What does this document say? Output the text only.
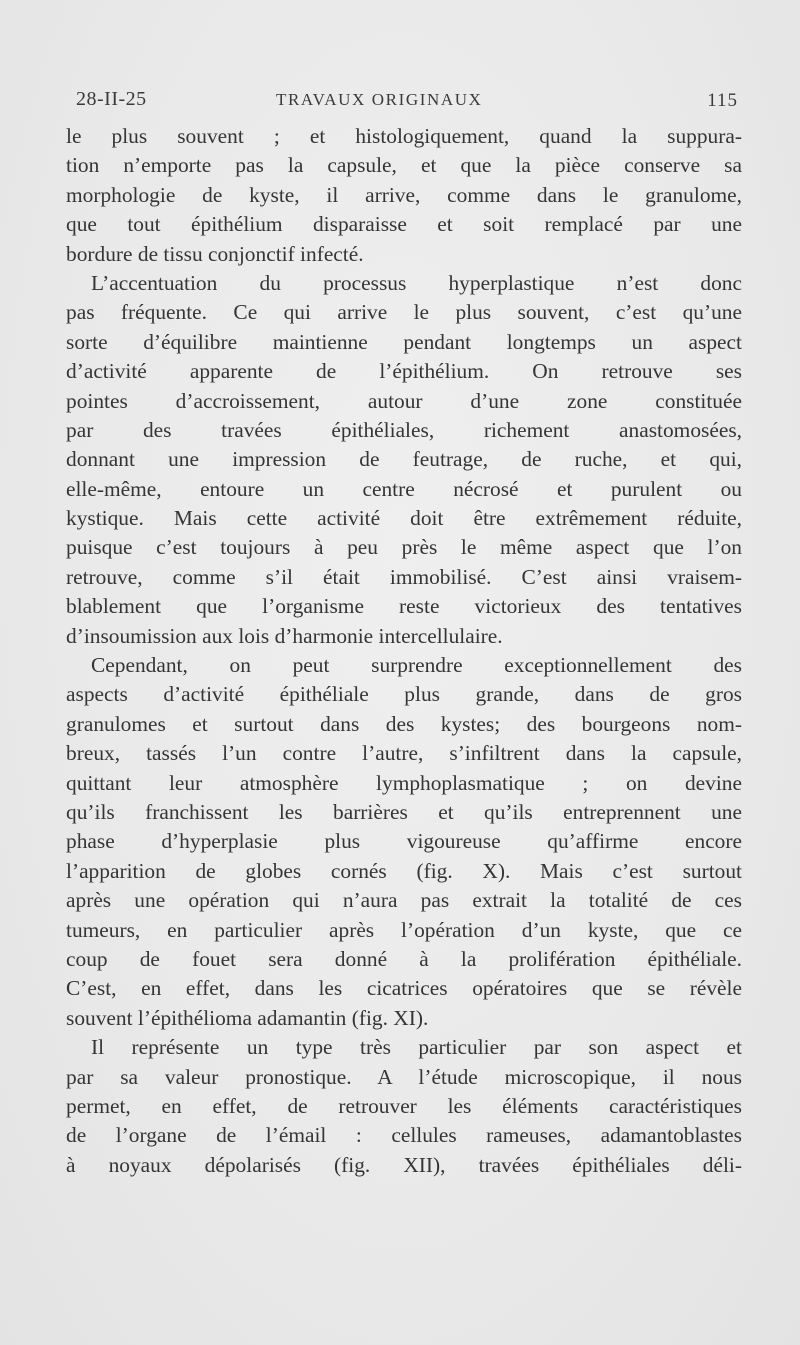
28-II-25	TRAVAUX ORIGINAUX	115
le plus souvent ; et histologiquement, quand la suppura-
tion n’emporte pas la capsule, et que la pièce conserve sa
morphologie de kyste, il arrive, comme dans le granulome,
que tout épithélium disparaisse et soit remplacé par une
bordure de tissu conjonctif infecté.
L’accentuation du processus hyperplastique n’est donc
pas fréquente. Ce qui arrive le plus souvent, c’est qu’une
sorte d’équilibre maintienne pendant longtemps un aspect
d’activité apparente de l’épithélium. On retrouve ses
pointes d’accroissement, autour d’une zone constituée
par des travées épithéliales, richement anastomosées,
donnant une impression de feutrage, de ruche, et qui,
elle-même, entoure un centre nécrosé et purulent ou
kystique. Mais cette activité doit être extrêmement réduite,
puisque c’est toujours à peu près le même aspect que l’on
retrouve, comme s’il était immobilisé. C’est ainsi vraisem-
blablement que l’organisme reste victorieux des tentatives
d’insoumission aux lois d’harmonie intercellulaire.
Cependant, on peut surprendre exceptionnellement des
aspects d’activité épithéliale plus grande, dans de gros
granulomes et surtout dans des kystes; des bourgeons nom-
breux, tassés l’un contre l’autre, s’infiltrent dans la capsule,
quittant leur atmosphère lymphoplasmatique ; on devine
qu’ils franchissent les barrières et qu’ils entreprennent une
phase d’hyperplasie plus vigoureuse qu’affirme encore
l’apparition de globes cornés (fig. X). Mais c’est surtout
après une opération qui n’aura pas extrait la totalité de ces
tumeurs, en particulier après l’opération d’un kyste, que ce
coup de fouet sera donné à la prolifération épithéliale.
C’est, en effet, dans les cicatrices opératoires que se révèle
souvent l’épithélioma adamantin (fig. XI).
Il représente un type très particulier par son aspect et
par sa valeur pronostique. A l’étude microscopique, il nous
permet, en effet, de retrouver les éléments caractéristiques
de l’organe de l’émail : cellules rameuses, adamantoblastes
à noyaux dépolarisés (fig. XII), travées épithéliales déli-
